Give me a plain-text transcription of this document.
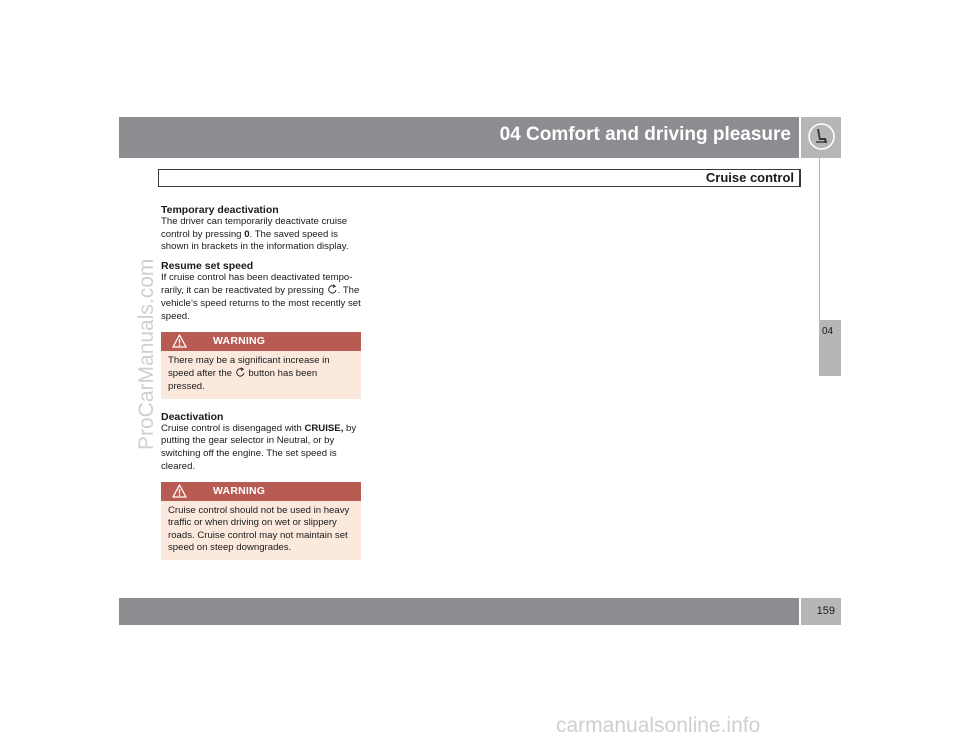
04 Comfort and driving pleasure
Cruise control
04
ProCarManuals.com
Temporary deactivation

The driver can temporarily deactivate cruise control by pressing 0. The saved speed is shown in brackets in the information display.

Resume set speed

If cruise control has been deactivated tempo-rarily, it can be reactivated by pressing . The vehicle’s speed returns to the most recently set speed.

WARNING
There may be a significant increase in speed after the  button has been pressed.
Deactivation

Cruise control is disengaged with CRUISE, by putting the gear selector in Neutral, or by switching off the engine. The set speed is cleared.

WARNING
Cruise control should not be used in heavy traffic or when driving on wet or slippery roads. Cruise control may not maintain set speed on steep downgrades.
159
carmanualsonline.info
